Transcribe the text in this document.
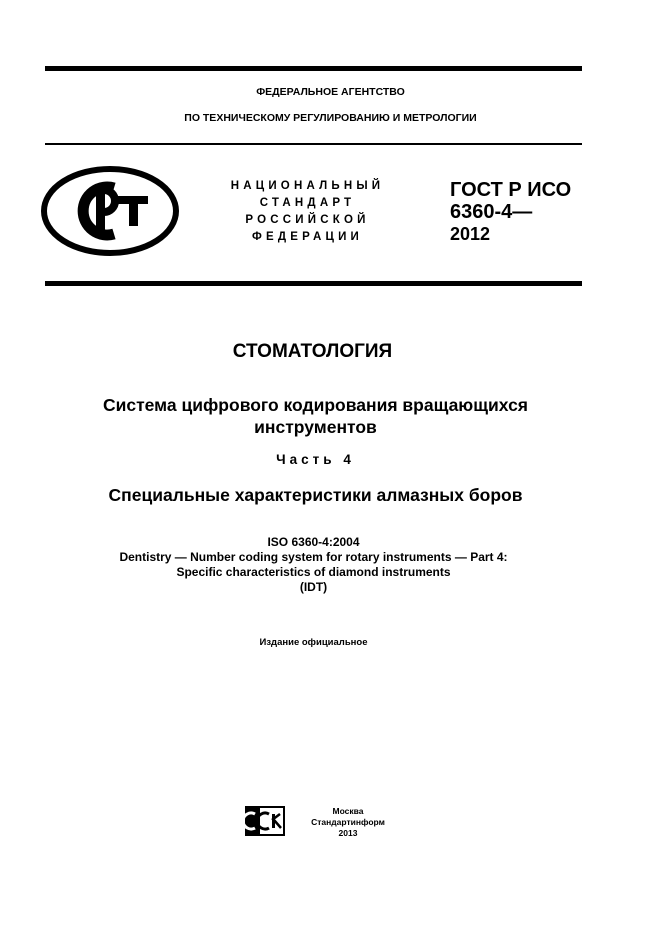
ФЕДЕРАЛЬНОЕ АГЕНТСТВО
ПО ТЕХНИЧЕСКОМУ РЕГУЛИРОВАНИЮ И МЕТРОЛОГИИ
НАЦИОНАЛЬНЫЙ
СТАНДАРТ
РОССИЙСКОЙ
ФЕДЕРАЦИИ
ГОСТ Р ИСО
6360-4—
2012
СТОМАТОЛОГИЯ
Система цифрового кодирования вращающихся
инструментов
Часть 4
Специальные характеристики алмазных боров
ISO 6360-4:2004
Dentistry — Number coding system for rotary instruments — Part 4:
Specific characteristics of diamond instruments
(IDT)
Издание официальное
Москва
Стандартинформ
2013
